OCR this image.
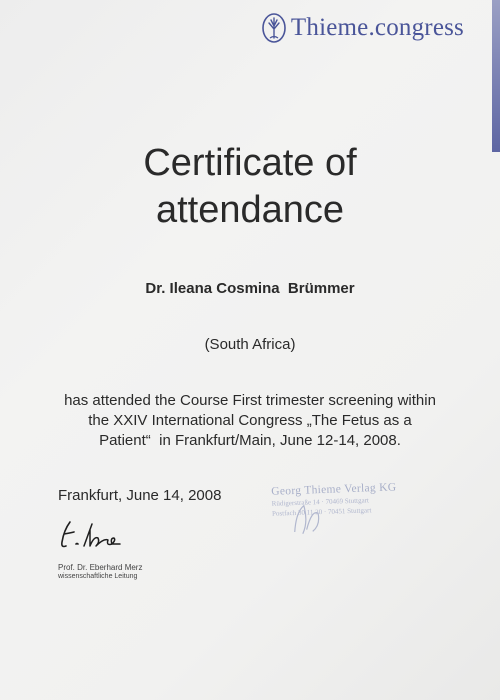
Thieme.congress
Certificate of
attendance
Dr. Ileana Cosmina  Brümmer
(South Africa)
has attended the Course First trimester screening within
the XXIV International Congress „The Fetus as a
Patient“  in Frankfurt/Main, June 12-14, 2008.
Frankfurt, June 14, 2008	Georg Thieme Verlag KG
Rüdigerstraße 14 · 70469 Stuttgart
Postfach 30 11 20 · 70451 Stuttgart
Prof. Dr. Eberhard Merz
wissenschaftliche Leitung
